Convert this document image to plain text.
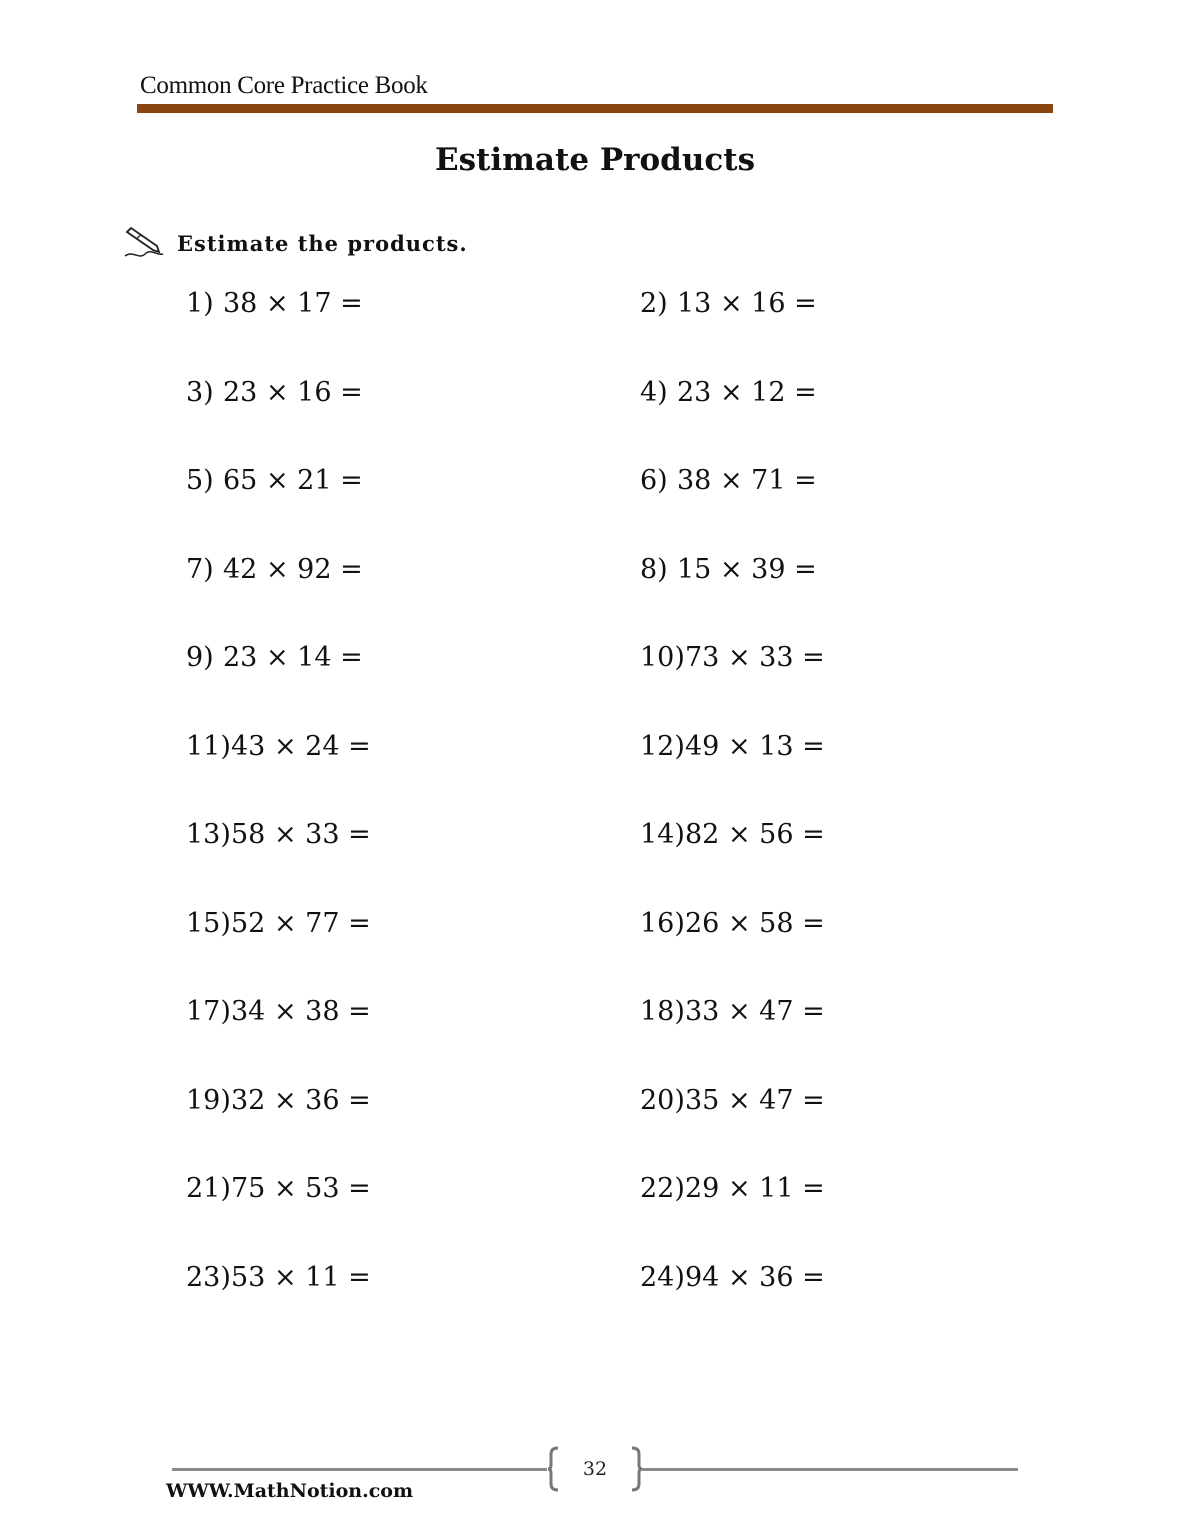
Common Core Practice Book
Estimate Products
Estimate the products.
1) 38 × 17 =	2) 13 × 16 =
3) 23 × 16 =	4) 23 × 12 =
5) 65 × 21 =	6) 38 × 71 =
7) 42 × 92 =	8) 15 × 39 =
9) 23 × 14 =	10)73 × 33 =
11)43 × 24 =	12)49 × 13 =
13)58 × 33 =	14)82 × 56 =
15)52 × 77 =	16)26 × 58 =
17)34 × 38 =	18)33 × 47 =
19)32 × 36 =	20)35 × 47 =
21)75 × 53 =	22)29 × 11 =
23)53 × 11 =	24)94 × 36 =
32
WWW.MathNotion.com
